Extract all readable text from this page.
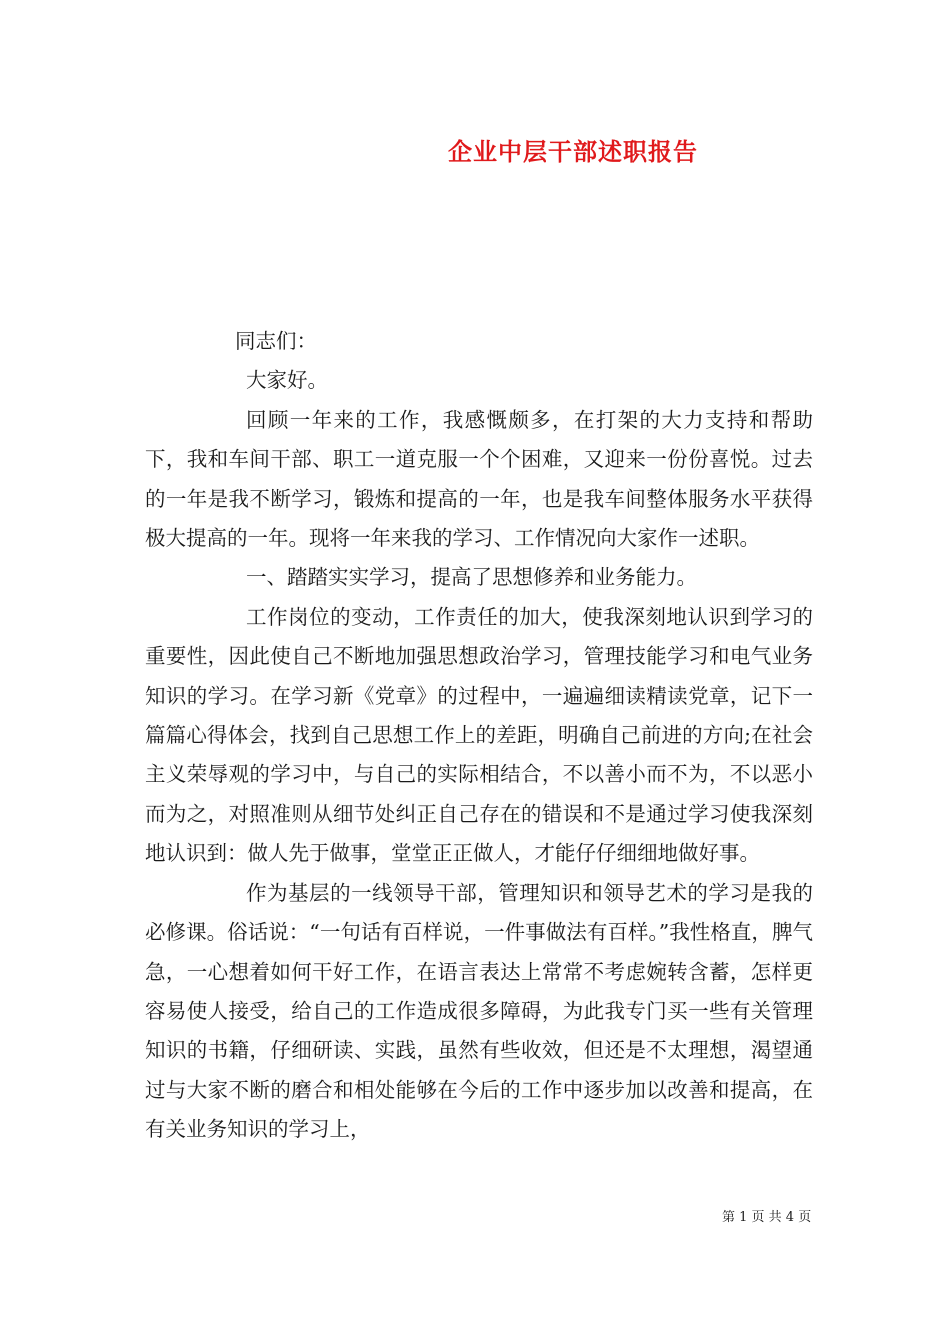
企业中层干部述职报告

同志们：

大家好。

回顾一年来的工作，我感慨颇多，在打架的大力支持和帮助下，我和车间干部、职工一道克服一个个困难，又迎来一份份喜悦。过去的一年是我不断学习，锻炼和提高的一年，也是我车间整体服务水平获得极大提高的一年。现将一年来我的学习、工作情况向大家作一述职。

一、踏踏实实学习，提高了思想修养和业务能力。

工作岗位的变动，工作责任的加大，使我深刻地认识到学习的重要性，因此使自己不断地加强思想政治学习，管理技能学习和电气业务知识的学习。在学习新《党章》的过程中，一遍遍细读精读党章，记下一篇篇心得体会，找到自己思想工作上的差距，明确自己前进的方向;在社会主义荣辱观的学习中，与自己的实际相结合，不以善小而不为，不以恶小而为之，对照准则从细节处纠正自己存在的错误和不是通过学习使我深刻地认识到：做人先于做事，堂堂正正做人，才能仔仔细细地做好事。

作为基层的一线领导干部，管理知识和领导艺术的学习是我的必修课。俗话说：“一句话有百样说，一件事做法有百样。”我性格直，脾气急，一心想着如何干好工作，在语言表达上常常不考虑婉转含蓄，怎样更容易使人接受，给自己的工作造成很多障碍，为此我专门买一些有关管理知识的书籍，仔细研读、实践，虽然有些收效，但还是不太理想，渴望通过与大家不断的磨合和相处能够在今后的工作中逐步加以改善和提高，在有关业务知识的学习上，

第 1 页 共 4 页
